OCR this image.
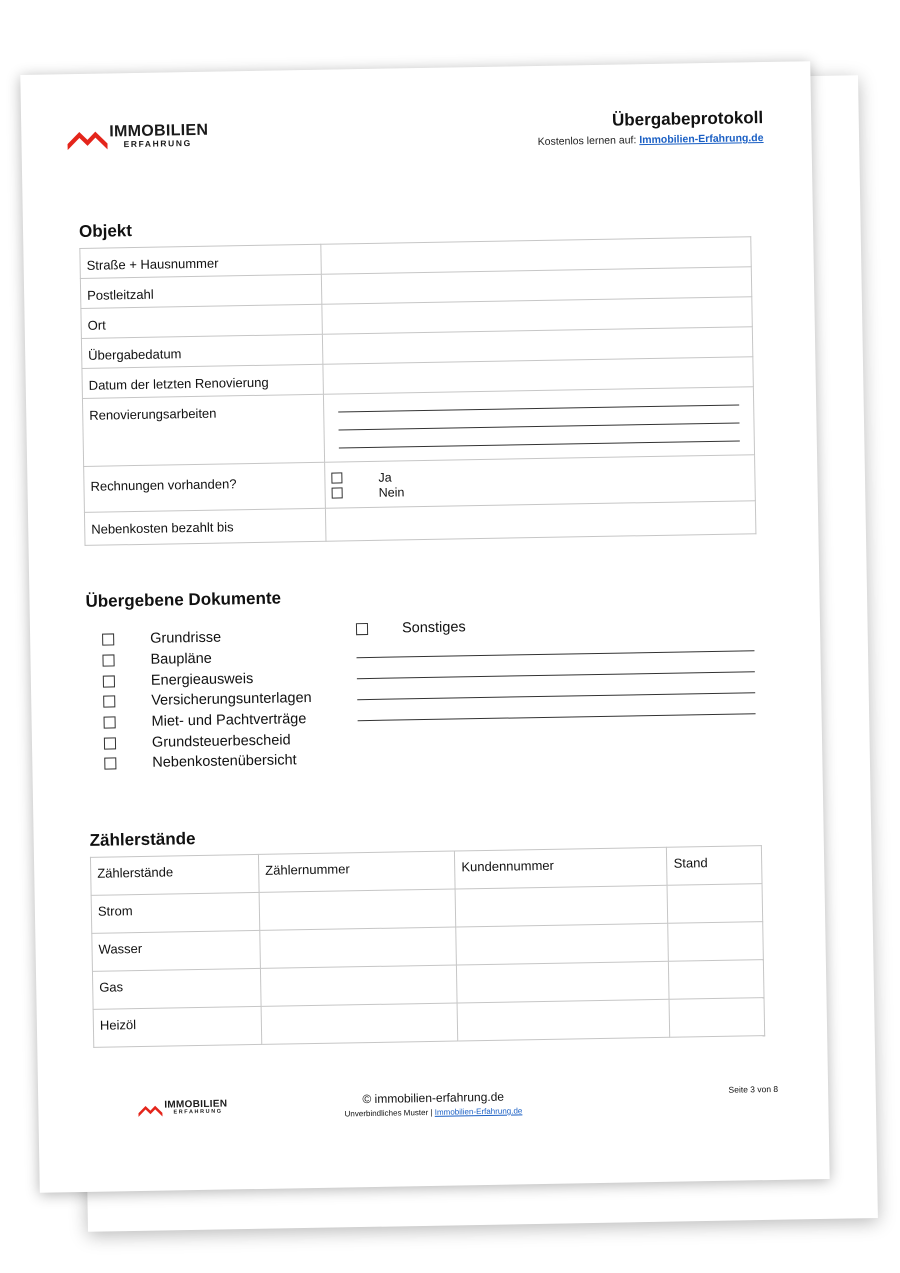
IMMOBILIEN
ERFAHRUNG
Übergabeprotokoll
Kostenlos lernen auf: Immobilien-Erfahrung.de
Objekt
Straße + Hausnummer	
Postleitzahl	
Ort	
Übergabedatum	
Datum der letzten Renovierung	
Renovierungsarbeiten	

Rechnungen vorhanden?	Ja
Nein

Nebenkosten bezahlt bis	
Übergebene Dokumente
Grundrisse
Baupläne
Energieausweis
Versicherungsunterlagen
Miet- und Pachtverträge
Grundsteuerbescheid
Nebenkostenübersicht
Sonstiges
Zählerstände
Zählerstände	Zählernummer	Kundennummer	Stand
Strom			
Wasser			
Gas			
Heizöl			
IMMOBILIEN
ERFAHRUNG
© immobilien-erfahrung.de
Unverbindliches Muster | Immobilien-Erfahrung.de
Seite 3 von 8
